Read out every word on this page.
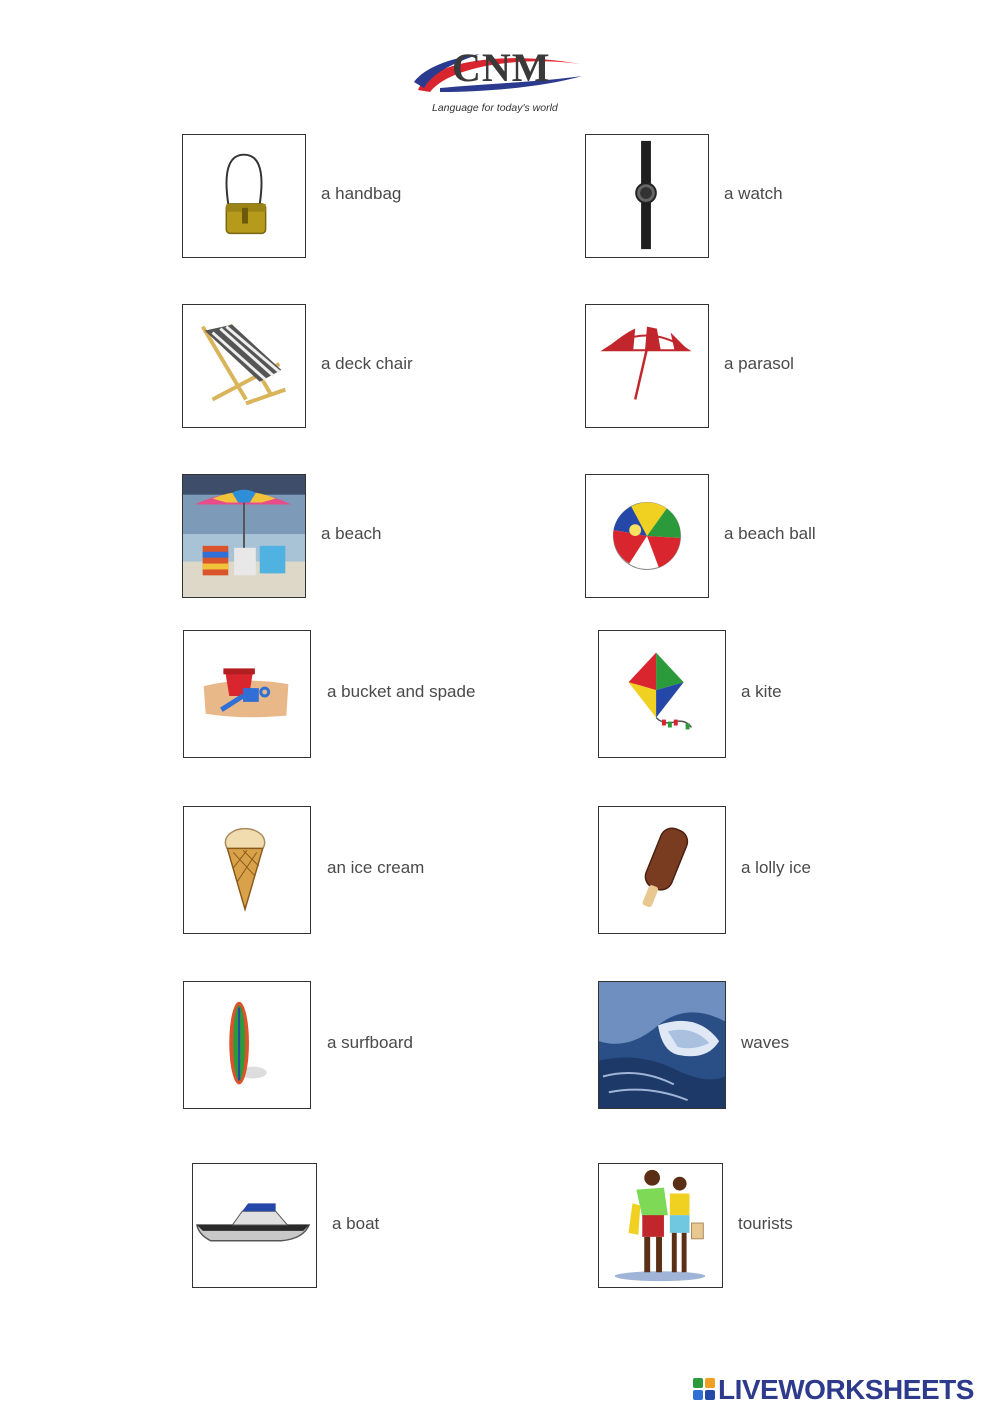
CNM
Language for today's world
a handbag	a watch
a deck chair	a parasol
a beach	a beach ball
a bucket and spade	a kite
an ice cream	a lolly ice
a surfboard	waves
a boat	tourists
LIVEWORKSHEETS
